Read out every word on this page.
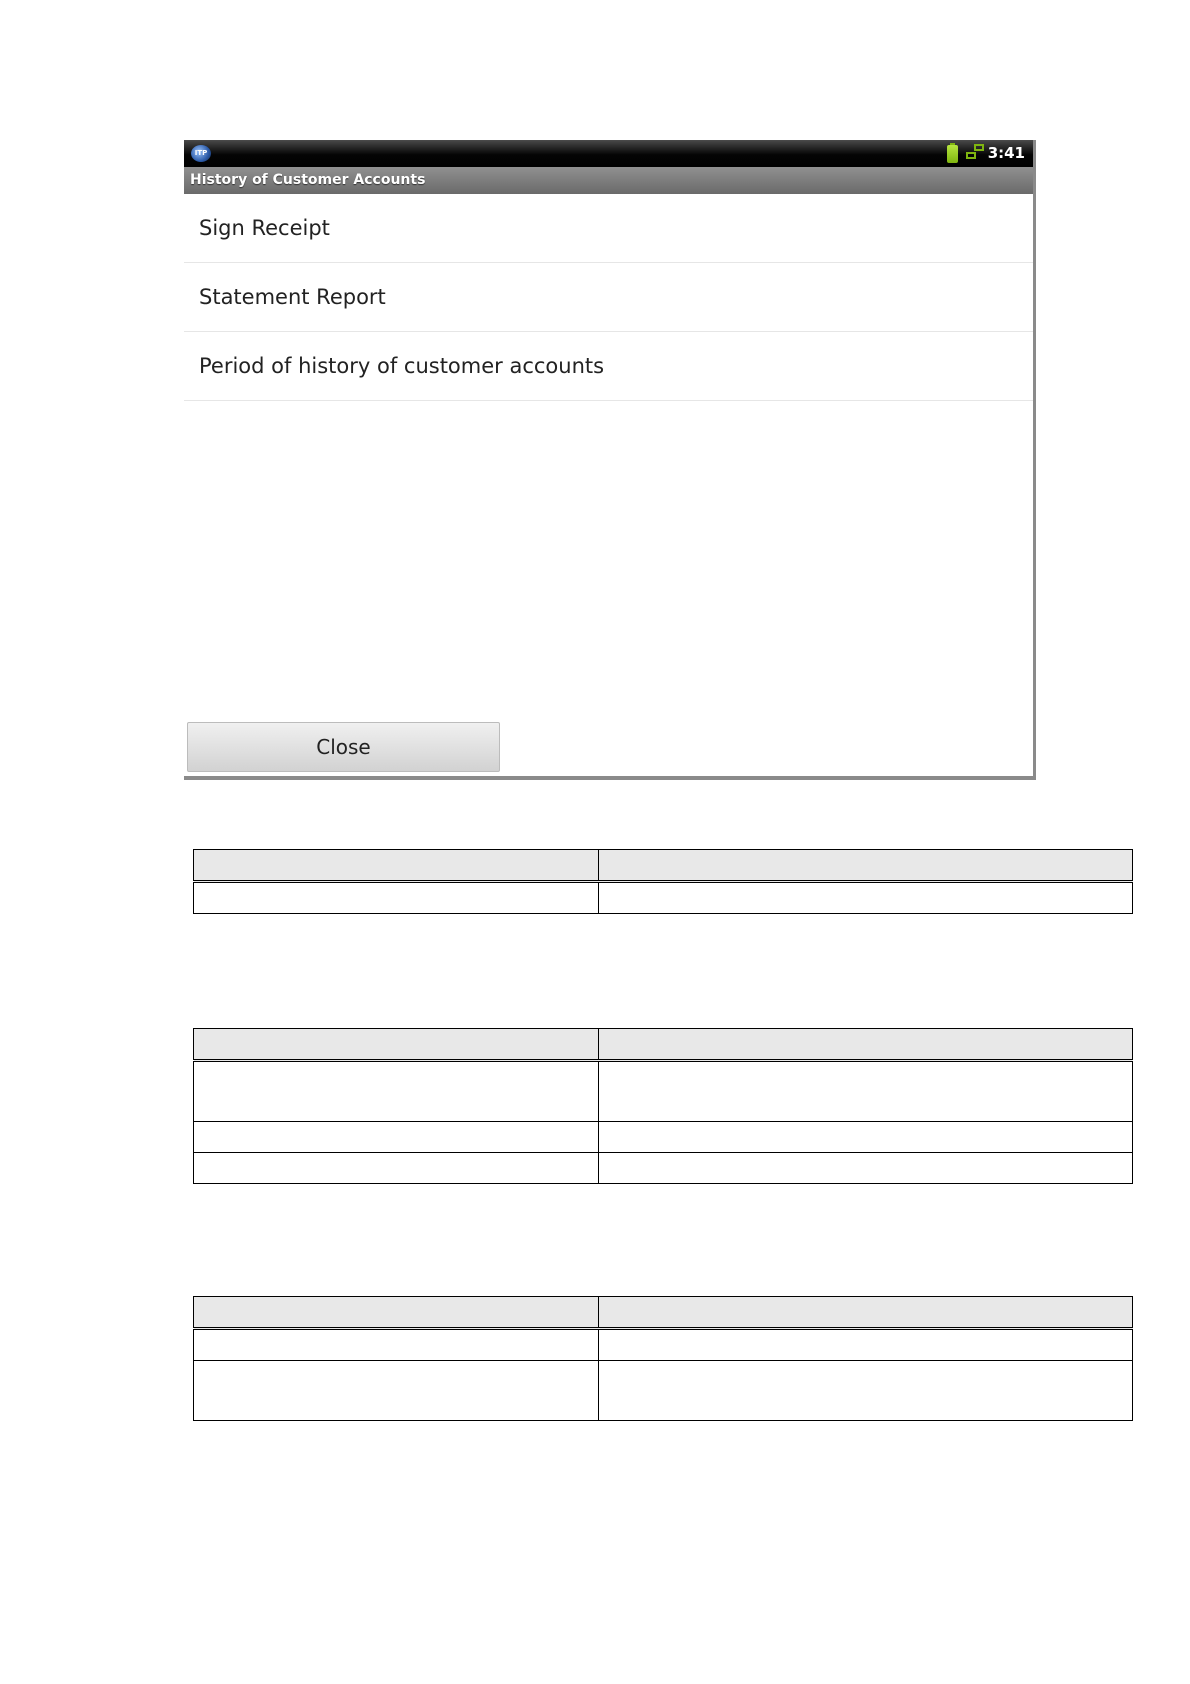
ITP	3:41
History of Customer Accounts
Sign Receipt
Statement Report
Period of history of customer accounts
Close
